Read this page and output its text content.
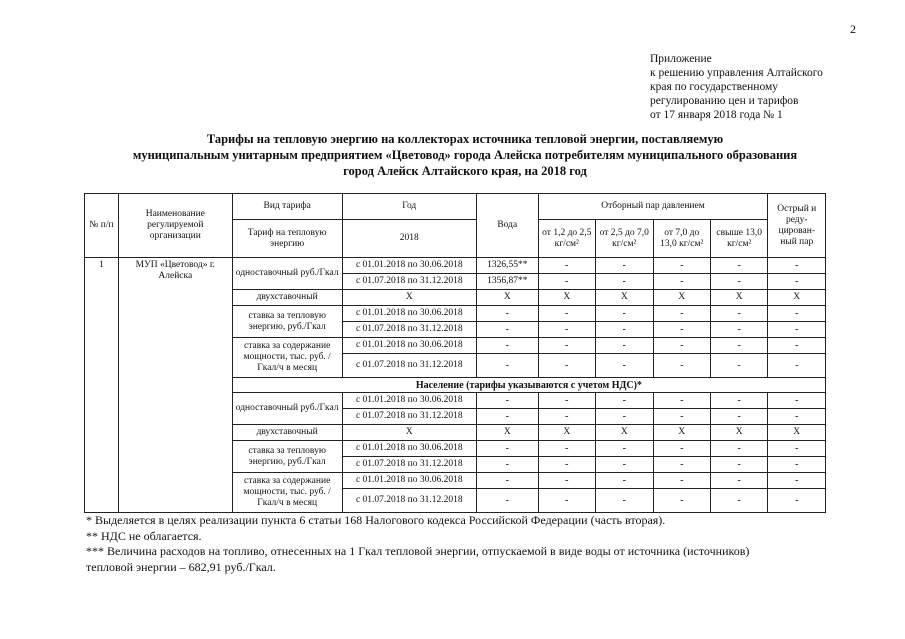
2
Приложение
к решению управления Алтайского
края по государственному
регулированию цен и тарифов
от 17 января 2018 года № 1
Тарифы на тепловую энергию на коллекторах источника тепловой энергии, поставляемую
муниципальным унитарным предприятием «Цветовод» города Алейска потребителям муниципального образования
город Алейск Алтайского края, на 2018 год
№ п/п	Наименование регулируемой организации	Вид тарифа	Год	Вода	Отборный пар давлением				Острый и реду-цирован-ный пар
		Тариф на тепловую энергию	2018		от 1,2 до 2,5 кг/см²	от 2,5 до 7,0 кг/см²	от 7,0 до 13,0 кг/см²	свыше 13,0 кг/см²	
1	МУП «Цветовод» г. Алейска	одноставочный руб./Гкал	с 01.01.2018 по 30.06.2018	1326,55**	-	-	-	-	-
			с 01.07.2018 по 31.12.2018	1356,87**	-	-	-	-	-
		двухставочный	X	X	X	X	X	X	X
		ставка за тепловую энергию, руб./Гкал	с 01.01.2018 по 30.06.2018	-	-	-	-	-	-
			с 01.07.2018 по 31.12.2018	-	-	-	-	-	-
		ставка за содержание мощности, тыс. руб. /Гкал/ч в месяц	с 01.01.2018 по 30.06.2018	-	-	-	-	-	-
			с 01.07.2018 по 31.12.2018	-	-	-	-	-	-
		Население (тарифы указываются с учетом НДС)*							
		одноставочный руб./Гкал	с 01.01.2018 по 30.06.2018	-	-	-	-	-	-
			с 01.07.2018 по 31.12.2018	-	-	-	-	-	-
		двухставочный	X	X	X	X	X	X	X
		ставка за тепловую энергию, руб./Гкал	с 01.01.2018 по 30.06.2018	-	-	-	-	-	-
			с 01.07.2018 по 31.12.2018	-	-	-	-	-	-
		ставка за содержание мощности, тыс. руб. /Гкал/ч в месяц	с 01.01.2018 по 30.06.2018	-	-	-	-	-	-
			с 01.07.2018 по 31.12.2018	-	-	-	-	-	-
* Выделяется в целях реализации пункта 6 статьи 168 Налогового кодекса Российской Федерации (часть вторая).
** НДС не облагается.
*** Величина расходов на топливо, отнесенных на 1 Гкал тепловой энергии, отпускаемой в виде воды от источника (источников)
тепловой энергии – 682,91 руб./Гкал.
